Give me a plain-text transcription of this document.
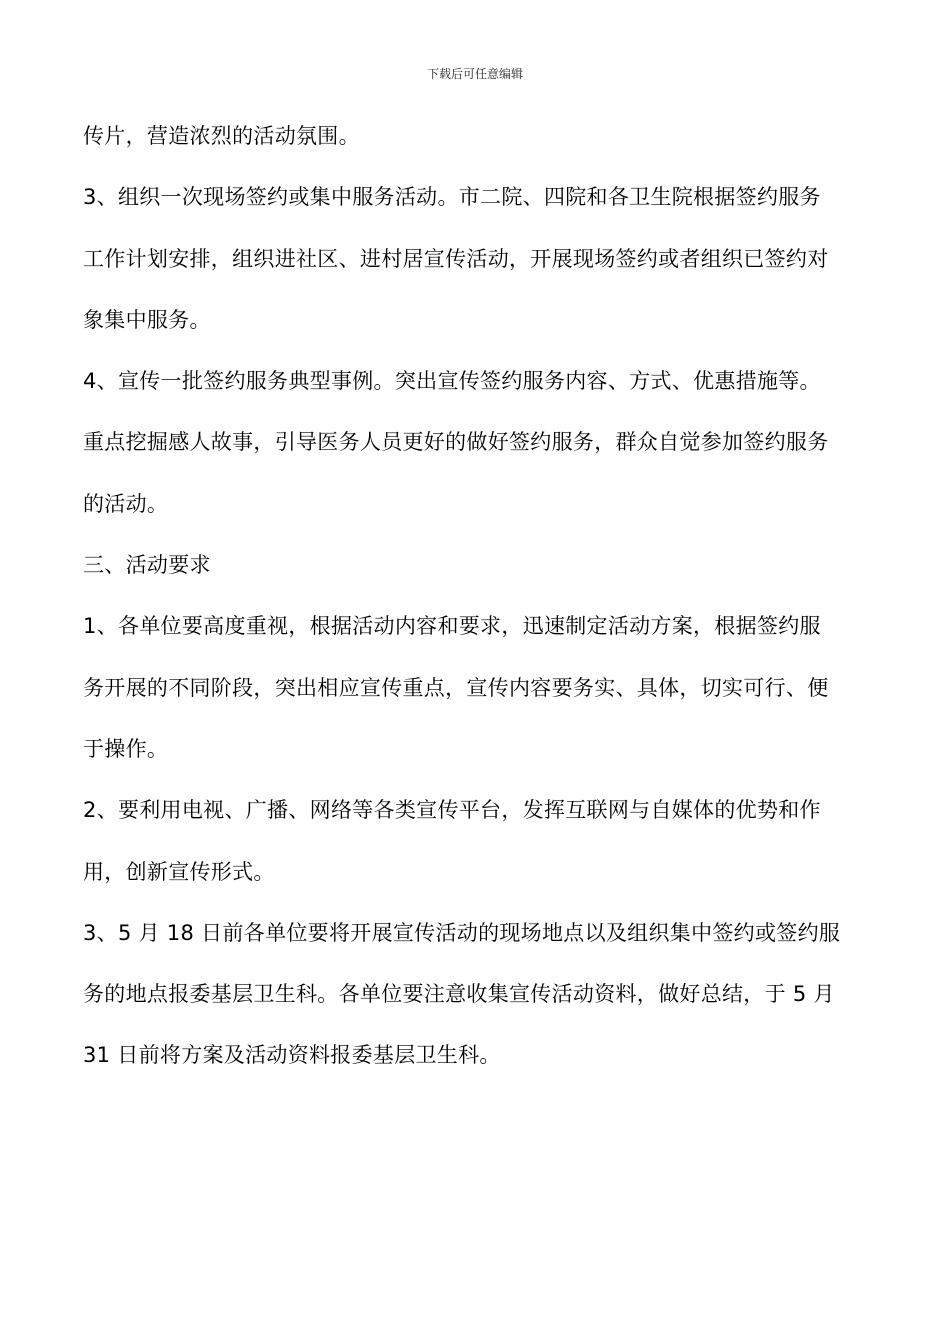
下载后可任意编辑
传片，营造浓烈的活动氛围。
3、组织一次现场签约或集中服务活动。市二院、四院和各卫生院根据签约服务
工作计划安排，组织进社区、进村居宣传活动，开展现场签约或者组织已签约对
象集中服务。
4、宣传一批签约服务典型事例。突出宣传签约服务内容、方式、优惠措施等。
重点挖掘感人故事，引导医务人员更好的做好签约服务，群众自觉参加签约服务
的活动。
三、活动要求
1、各单位要高度重视，根据活动内容和要求，迅速制定活动方案，根据签约服
务开展的不同阶段，突出相应宣传重点，宣传内容要务实、具体，切实可行、便
于操作。
2、要利用电视、广播、网络等各类宣传平台，发挥互联网与自媒体的优势和作
用，创新宣传形式。
3、5 月 18 日前各单位要将开展宣传活动的现场地点以及组织集中签约或签约服
务的地点报委基层卫生科。各单位要注意收集宣传活动资料，做好总结，于 5 月
31 日前将方案及活动资料报委基层卫生科。
